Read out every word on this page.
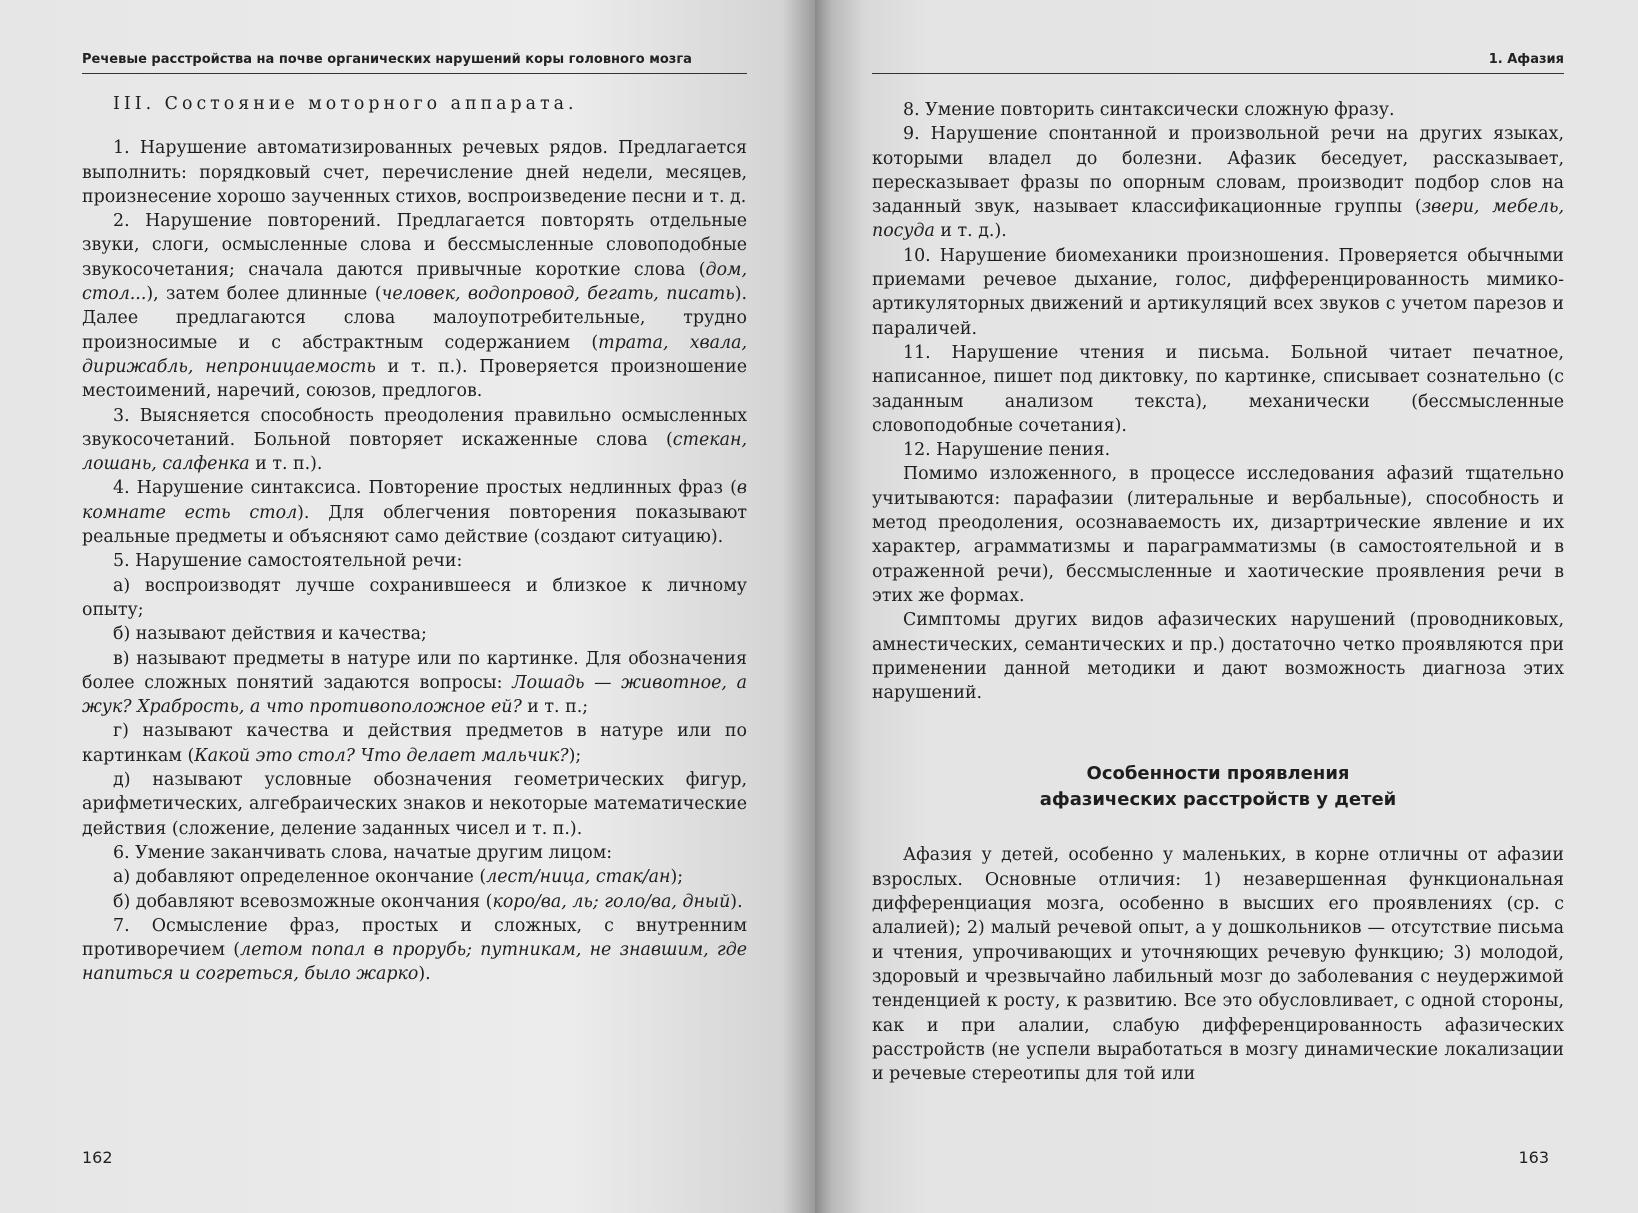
Речевые расстройства на почве органических нарушений коры головного мозга

III. Состояние моторного аппарата.

1. Нарушение автоматизированных речевых рядов. Предлагается выполнить: порядковый счет, перечисление дней недели, месяцев, произнесение хорошо заученных стихов, воспроизведение песни и т. д.

2. Нарушение повторений. Предлагается повторять отдельные звуки, слоги, осмысленные слова и бессмысленные словоподобные звукосочетания; сначала даются привычные короткие слова (дом, стол...), затем более длинные (человек, водопровод, бегать, писать). Далее предлагаются слова малоупотребительные, трудно произносимые и с абстрактным содержанием (трата, хвала, дирижабль, непроницаемость и т. п.). Проверяется произношение местоимений, наречий, союзов, предлогов.

3. Выясняется способность преодоления правильно осмысленных звукосочетаний. Больной повторяет искаженные слова (стекан, лошань, салфенка и т. п.).

4. Нарушение синтаксиса. Повторение простых недлинных фраз (в комнате есть стол). Для облегчения повторения показывают реальные предметы и объясняют само действие (создают ситуацию).

5. Нарушение самостоятельной речи:

а) воспроизводят лучше сохранившееся и близкое к личному опыту;

б) называют действия и качества;

в) называют предметы в натуре или по картинке. Для обозначения более сложных понятий задаются вопросы: Лошадь — животное, а жук? Храбрость, а что противоположное ей? и т. п.;

г) называют качества и действия предметов в натуре или по картинкам (Какой это стол? Что делает мальчик?);

д) называют условные обозначения геометрических фигур, арифметических, алгебраических знаков и некоторые математические действия (сложение, деление заданных чисел и т. п.).

6. Умение заканчивать слова, начатые другим лицом:

а) добавляют определенное окончание (лест/ница, стак/ан);

б) добавляют всевозможные окончания (коро/ва, ль; голо/ва, дный).

7. Осмысление фраз, простых и сложных, с внутренним противоречием (летом попал в прорубь; путникам, не знавшим, где напиться и согреться, было жарко).

162
1. Афазия

8. Умение повторить синтаксически сложную фразу.

9. Нарушение спонтанной и произвольной речи на других языках, которыми владел до болезни. Афазик беседует, рассказывает, пересказывает фразы по опорным словам, производит подбор слов на заданный звук, называет классификационные группы (звери, мебель, посуда и т. д.).

10. Нарушение биомеханики произношения. Проверяется обычными приемами речевое дыхание, голос, дифференцированность мимико-артикуляторных движений и артикуляций всех звуков с учетом парезов и параличей.

11. Нарушение чтения и письма. Больной читает печатное, написанное, пишет под диктовку, по картинке, списывает сознательно (с заданным анализом текста), механически (бессмысленные словоподобные сочетания).

12. Нарушение пения.

Помимо изложенного, в процессе исследования афазий тщательно учитываются: парафазии (литеральные и вербальные), способность и метод преодоления, осознаваемость их, дизартрические явление и их характер, аграмматизмы и параграмматизмы (в самостоятельной и в отраженной речи), бессмысленные и хаотические проявления речи в этих же формах.

Симптомы других видов афазических нарушений (проводниковых, амнестических, семантических и пр.) достаточно четко проявляются при применении данной методики и дают возможность диагноза этих нарушений.

Особенности проявления
афазических расстройств у детей

Афазия у детей, особенно у маленьких, в корне отличны от афазии взрослых. Основные отличия: 1) незавершенная функциональная дифференциация мозга, особенно в высших его проявлениях (ср. с алалией); 2) малый речевой опыт, а у дошкольников — отсутствие письма и чтения, упрочивающих и уточняющих речевую функцию; 3) молодой, здоровый и чрезвычайно лабильный мозг до заболевания с неудержимой тенденцией к росту, к развитию. Все это обусловливает, с одной стороны, как и при алалии, слабую дифференцированность афазических расстройств (не успели выработаться в мозгу динамические локализации и речевые стереотипы для той или

163
